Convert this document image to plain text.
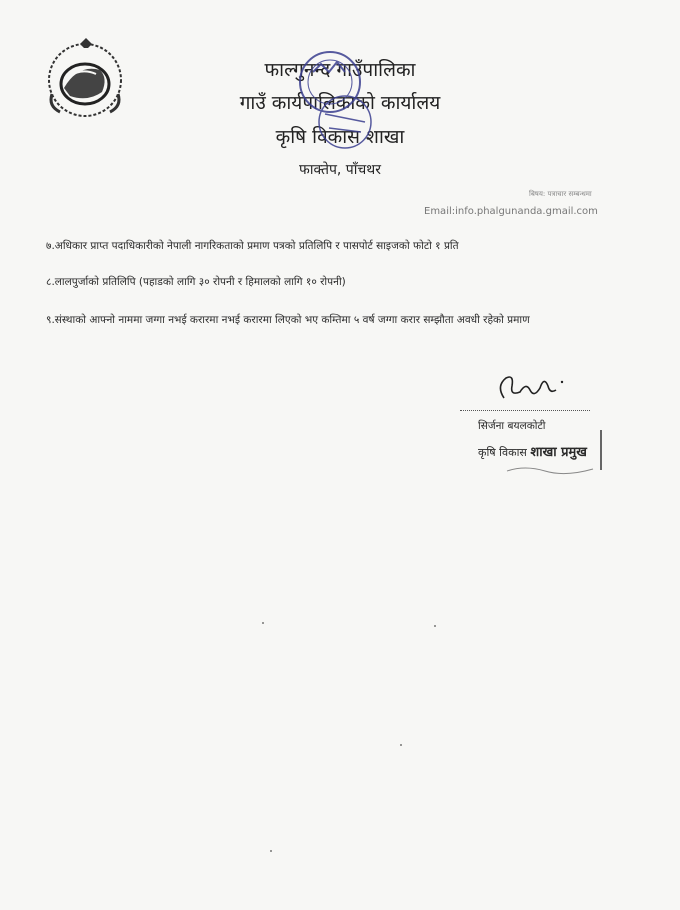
फाल्गुनन्द गाउँपालिका
गाउँ कार्यपालिकाको कार्यालय
कृषि विकास शाखा
फाक्तेप, पाँचथर
बिषय: पत्राचार सम्बन्धमा
Email:info.phalgunanda.gmail.com
७.अधिकार प्राप्त पदाधिकारीको नेपाली नागरिकताको प्रमाण पत्रको प्रतिलिपि र पासपोर्ट साइजको फोटो १ प्रति
८.लालपुर्जाको प्रतिलिपि (पहाडको लागि ३० रोपनी र हिमालको लागि १० रोपनी)
९.संस्थाको आफ्नो नाममा जग्गा नभई करारमा नभई करारमा लिएको भए कम्तिमा ५ वर्ष जग्गा करार सम्झौता अवधी रहेको प्रमाण
सिर्जना बयलकोटी
कृषि विकास शाखा प्रमुख
